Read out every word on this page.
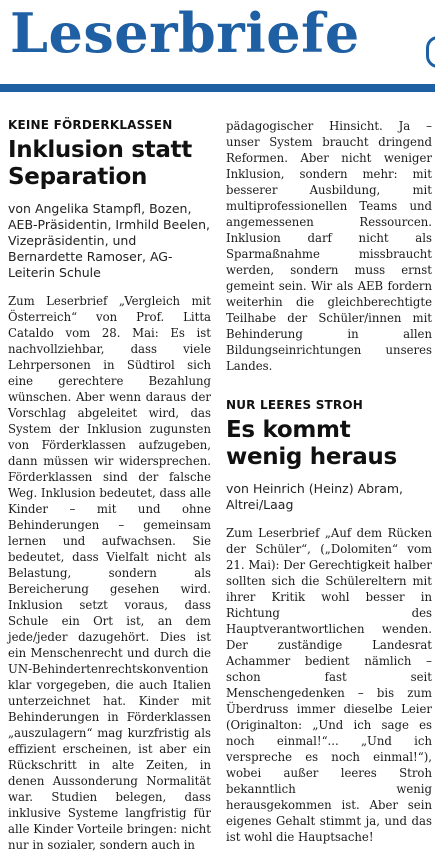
Leserbriefe
KEINE FÖRDERKLASSEN
Inklusion statt Separation
von Angelika Stampfl, Bozen, AEB-Präsidentin, Irmhild Beelen, Vizepräsidentin, und Bernardette Ramoser, AG-Leiterin Schule

Zum Leserbrief „Vergleich mit Österreich“ von Prof. Litta Cataldo vom 28. Mai: Es ist nachvollziehbar, dass viele Lehrpersonen in Südtirol sich eine gerechtere Bezahlung wünschen. Aber wenn daraus der Vorschlag abgeleitet wird, das System der Inklusion zugunsten von Förderklassen aufzugeben, dann müssen wir widersprechen. Förderklassen sind der falsche Weg. Inklusion bedeutet, dass alle Kinder – mit und ohne Behinderungen – gemeinsam lernen und aufwachsen. Sie bedeutet, dass Vielfalt nicht als Belastung, sondern als Bereicherung gesehen wird. Inklusion setzt voraus, dass Schule ein Ort ist, an dem jede/jeder dazugehört. Dies ist ein Menschenrecht und durch die UN-Behindertenrechtskonvention klar vorgegeben, die auch Italien unterzeichnet hat. Kinder mit Behinderungen in Förderklassen „auszulagern“ mag kurzfristig als effizient erscheinen, ist aber ein Rückschritt in alte Zeiten, in denen Aussonderung Normalität war. Studien belegen, dass inklusive Systeme langfristig für alle Kinder Vorteile bringen: nicht nur in sozialer, sondern auch in

pädagogischer Hinsicht. Ja – unser System braucht dringend Reformen. Aber nicht weniger Inklusion, sondern mehr: mit besserer Ausbildung, mit multiprofessionellen Teams und angemessenen Ressourcen. Inklusion darf nicht als Sparmaßnahme missbraucht werden, sondern muss ernst gemeint sein. Wir als AEB fordern weiterhin die gleichberechtigte Teilhabe der Schüler/innen mit Behinderung in allen Bildungseinrichtungen unseres Landes.

NUR LEERES STROH
Es kommt wenig heraus
von Heinrich (Heinz) Abram, Altrei/Laag

Zum Leserbrief „Auf dem Rücken der Schüler“, („Dolomiten“ vom 21. Mai): Der Gerechtigkeit halber sollten sich die Schülereltern mit ihrer Kritik wohl besser in Richtung des Hauptverantwortlichen wenden. Der zuständige Landesrat Achammer bedient nämlich – schon fast seit Menschengedenken – bis zum Überdruss immer dieselbe Leier (Originalton: „Und ich sage es noch einmal!“... „Und ich verspreche es noch einmal!“), wobei außer leeres Stroh bekanntlich wenig herausgekommen ist. Aber sein eigenes Gehalt stimmt ja, und das ist wohl die Hauptsache!
